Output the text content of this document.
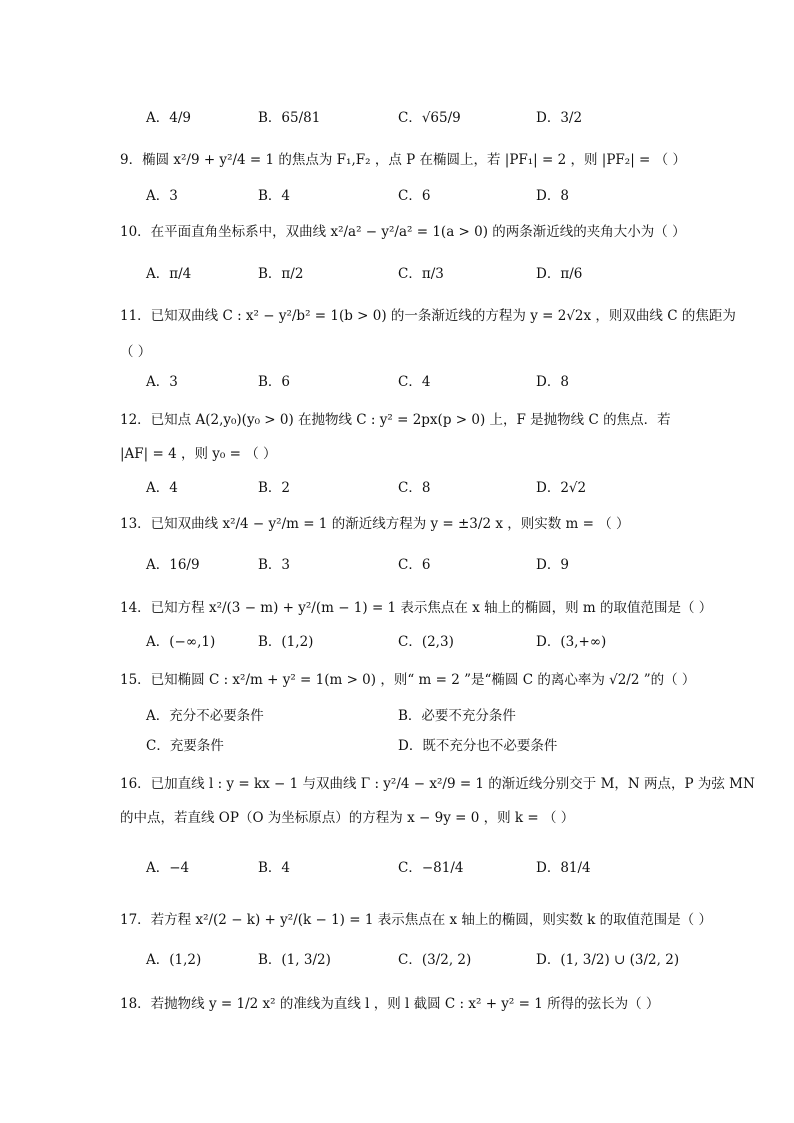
A．4/9	B．65/81	C．√65/9	D．3/2
9．椭圆 x²/9 + y²/4 = 1 的焦点为 F₁,F₂ ，点 P 在椭圆上，若 |PF₁| = 2 ，则 |PF₂| = （ ）
A．3	B．4	C．6	D．8
10．在平面直角坐标系中，双曲线 x²/a² − y²/a² = 1(a > 0) 的两条渐近线的夹角大小为（ ）
A．π/4	B．π/2	C．π/3	D．π/6
11．已知双曲线 C : x² − y²/b² = 1(b > 0) 的一条渐近线的方程为 y = 2√2x ，则双曲线 C 的焦距为
（ ）
A．3	B．6	C．4	D．8
12．已知点 A(2,y₀)(y₀ > 0) 在抛物线 C : y² = 2px(p > 0) 上，F 是抛物线 C 的焦点．若
|AF| = 4 ，则 y₀ = （ ）
A．4	B．2	C．8	D．2√2
13．已知双曲线 x²/4 − y²/m = 1 的渐近线方程为 y = ±3/2 x ，则实数 m = （ ）
A．16/9	B．3	C．6	D．9
14．已知方程 x²/(3 − m) + y²/(m − 1) = 1 表示焦点在 x 轴上的椭圆，则 m 的取值范围是（ ）
A．(−∞,1)	B．(1,2)	C．(2,3)	D．(3,+∞)
15．已知椭圆 C : x²/m + y² = 1(m > 0) ，则“ m = 2 ”是“椭圆 C 的离心率为 √2/2 ”的（ ）
A．充分不必要条件	B．必要不充分条件
C．充要条件	D．既不充分也不必要条件
16．已加直线 l : y = kx − 1 与双曲线 Γ : y²/4 − x²/9 = 1 的渐近线分别交于 M，N 两点，P 为弦 MN
的中点，若直线 OP（O 为坐标原点）的方程为 x − 9y = 0 ，则 k = （ ）
A．−4	B．4	C．−81/4	D．81/4
17．若方程 x²/(2 − k) + y²/(k − 1) = 1 表示焦点在 x 轴上的椭圆，则实数 k 的取值范围是（ ）
A．(1,2)	B．(1, 3/2)	C．(3/2, 2)	D．(1, 3/2) ∪ (3/2, 2)
18．若抛物线 y = 1/2 x² 的准线为直线 l ，则 l 截圆 C : x² + y² = 1 所得的弦长为（ ）
